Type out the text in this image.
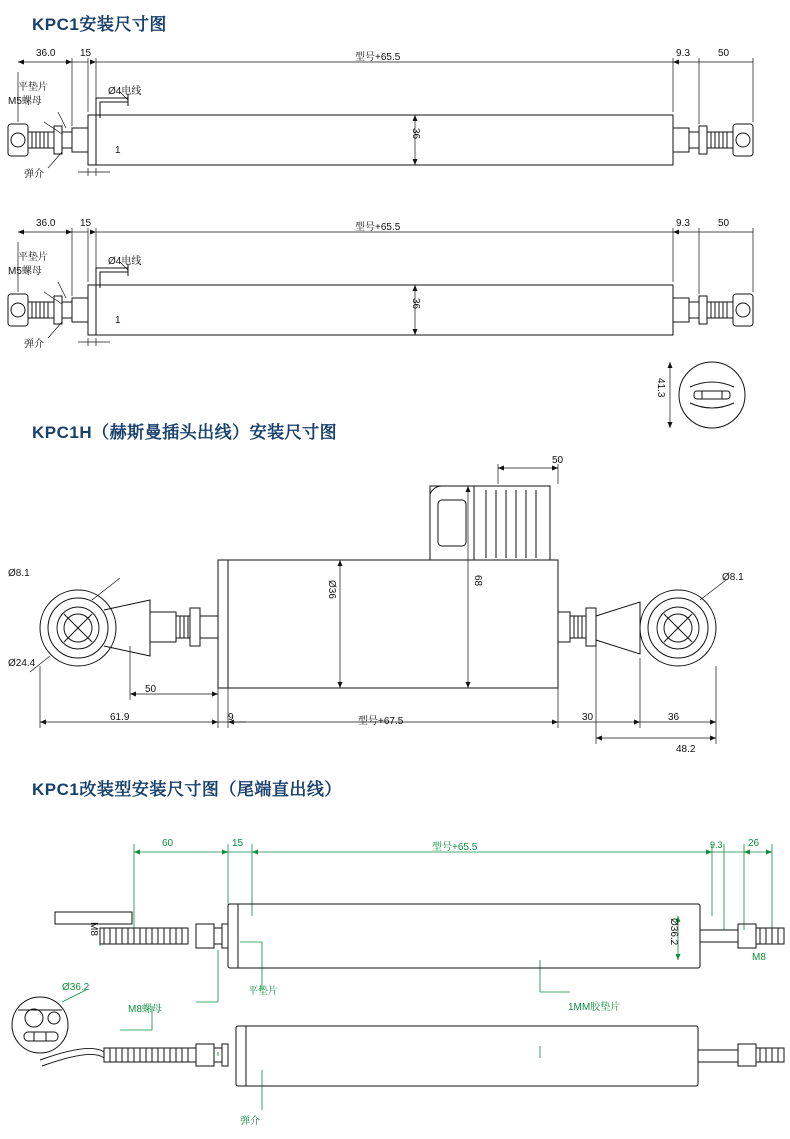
KPC1安装尺寸图
36.0 15	型号+65.5	9.3	50
36
1
平垫片
M5螺母
Ø4电线
弹介
36.0 15	型号+65.5	9.3	50
36
1
平垫片
M5螺母
Ø4电线
弹介
41.3
KPC1H（赫斯曼插头出线）安装尺寸图
50
68
Ø36
Ø8.1
Ø24.4
Ø8.1
50
61.9	9	型号+67.5	30	36
48.2
KPC1改装型安装尺寸图（尾端直出线）
60	15	型号+65.5	9.3	26
Ø36.2
M8
M8
平垫片
M8螺母	1MM胶垫片
弹介
Ø36.2
